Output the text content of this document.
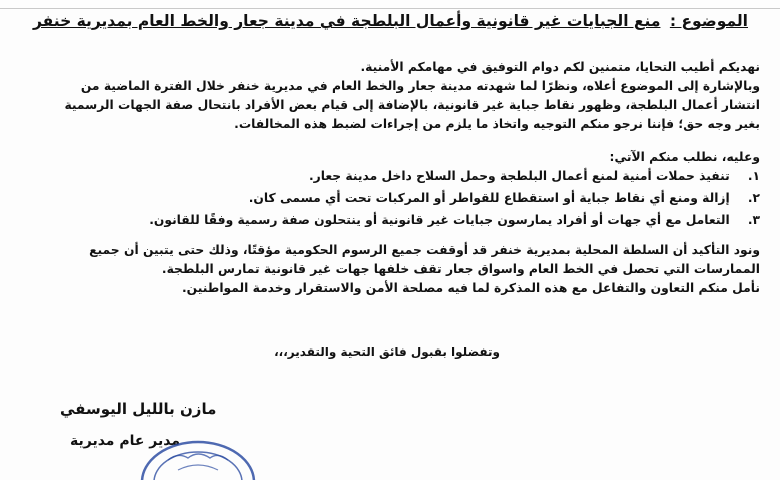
الموضوع : منع الجبايات غير قانونية وأعمال البلطجة في مدينة جعار والخط العام بمديرية خنفر

نهديكم أطيب التحايا، متمنين لكم دوام التوفيق في مهامكم الأمنية.

وبالإشارة إلى الموضوع أعلاه، ونظرًا لما شهدته مدينة جعار والخط العام في مديرية خنفر خلال الفترة الماضية من

انتشار أعمال البلطجة، وظهور نقاط جباية غير قانونية، بالإضافة إلى قيام بعض الأفراد بانتحال صفة الجهات الرسمية

بغير وجه حق؛ فإننا نرجو منكم التوجيه واتخاذ ما يلزم من إجراءات لضبط هذه المخالفات.

وعليه، نطلب منكم الآتي:

١. تنفيذ حملات أمنية لمنع أعمال البلطجة وحمل السلاح داخل مدينة جعار.
٢. إزالة ومنع أي نقاط جباية أو استقطاع للقواطر أو المركبات تحت أي مسمى كان.
٣. التعامل مع أي جهات أو أفراد يمارسون جبايات غير قانونية أو ينتحلون صفة رسمية وفقًا للقانون.

ونود التأكيد أن السلطة المحلية بمديرية خنفر قد أوقفت جميع الرسوم الحكومية مؤقتًا، وذلك حتى يتبين أن جميع

الممارسات التي تحصل في الخط العام واسواق جعار تقف خلفها جهات غير قانونية تمارس البلطجة.

نأمل منكم التعاون والتفاعل مع هذه المذكرة لما فيه مصلحة الأمن والاستقرار وخدمة المواطنين.

وتفضلوا بقبول فائق التحية والتقدير،،،
مازن بالليل اليوسفي
مدير عام مديرية
